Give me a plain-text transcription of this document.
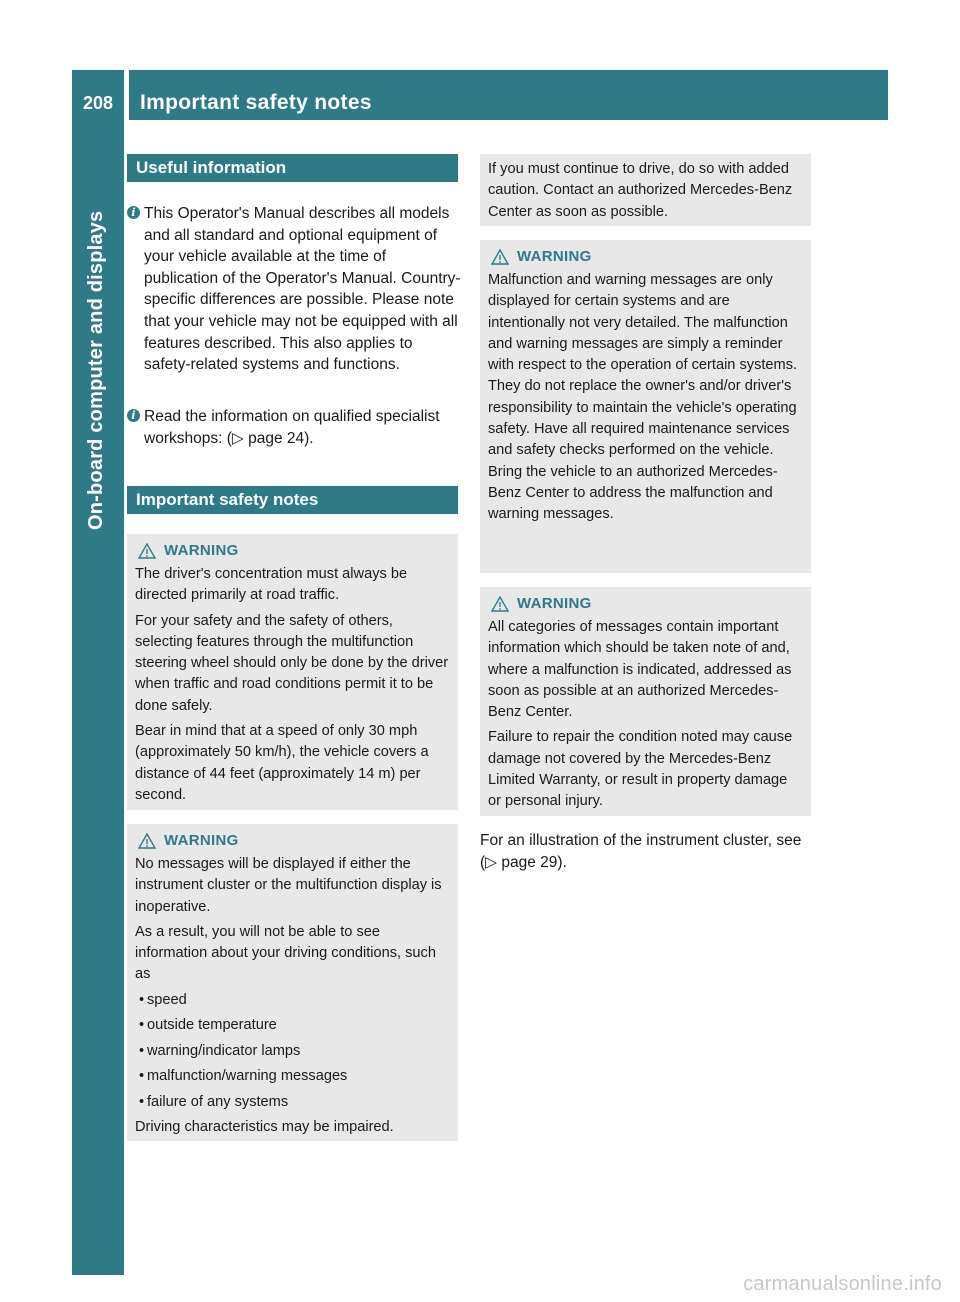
208	Important safety notes
On-board computer and displays
Useful information
i This Operator's Manual describes all models and all standard and optional equipment of your vehicle available at the time of publication of the Operator's Manual. Country-specific differences are possible. Please note that your vehicle may not be equipped with all features described. This also applies to safety-related systems and functions.
i Read the information on qualified specialist workshops: (▷ page 24).
Important safety notes
WARNING

The driver's concentration must always be directed primarily at road traffic.

For your safety and the safety of others, selecting features through the multifunction steering wheel should only be done by the driver when traffic and road conditions permit it to be done safely.

Bear in mind that at a speed of only 30 mph (approximately 50 km/h), the vehicle covers a distance of 44 feet (approximately 14 m) per second.

WARNING

No messages will be displayed if either the instrument cluster or the multifunction display is inoperative.

As a result, you will not be able to see information about your driving conditions, such as

• speed
• outside temperature
• warning/indicator lamps
• malfunction/warning messages
• failure of any systems

Driving characteristics may be impaired.

If you must continue to drive, do so with added caution. Contact an authorized Mercedes-Benz Center as soon as possible.

WARNING

Malfunction and warning messages are only displayed for certain systems and are intentionally not very detailed. The malfunction and warning messages are simply a reminder with respect to the operation of certain systems. They do not replace the owner's and/or driver's responsibility to maintain the vehicle's operating safety. Have all required maintenance services and safety checks performed on the vehicle. Bring the vehicle to an authorized Mercedes-Benz Center to address the malfunction and warning messages.

WARNING

All categories of messages contain important information which should be taken note of and, where a malfunction is indicated, addressed as soon as possible at an authorized Mercedes-Benz Center.

Failure to repair the condition noted may cause damage not covered by the Mercedes-Benz Limited Warranty, or result in property damage or personal injury.

For an illustration of the instrument cluster, see (▷ page 29).
carmanualsonline.info
